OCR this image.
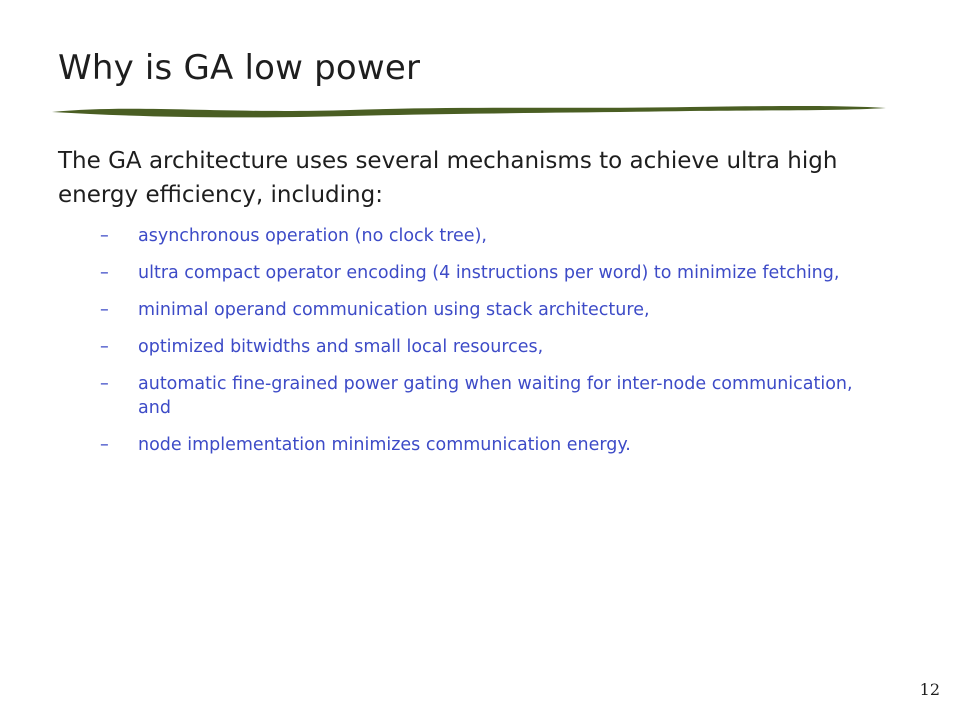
Why is GA low power

The GA architecture uses several mechanisms to achieve ultra high energy efficiency, including:

–	asynchronous operation (no clock tree),
–	ultra compact operator encoding (4 instructions per word) to minimize fetching,
–	minimal operand communication using stack architecture,
–	optimized bitwidths and small local resources,
–	automatic fine-grained power gating when waiting for inter-node communication, and
–	node implementation minimizes communication energy.
12
